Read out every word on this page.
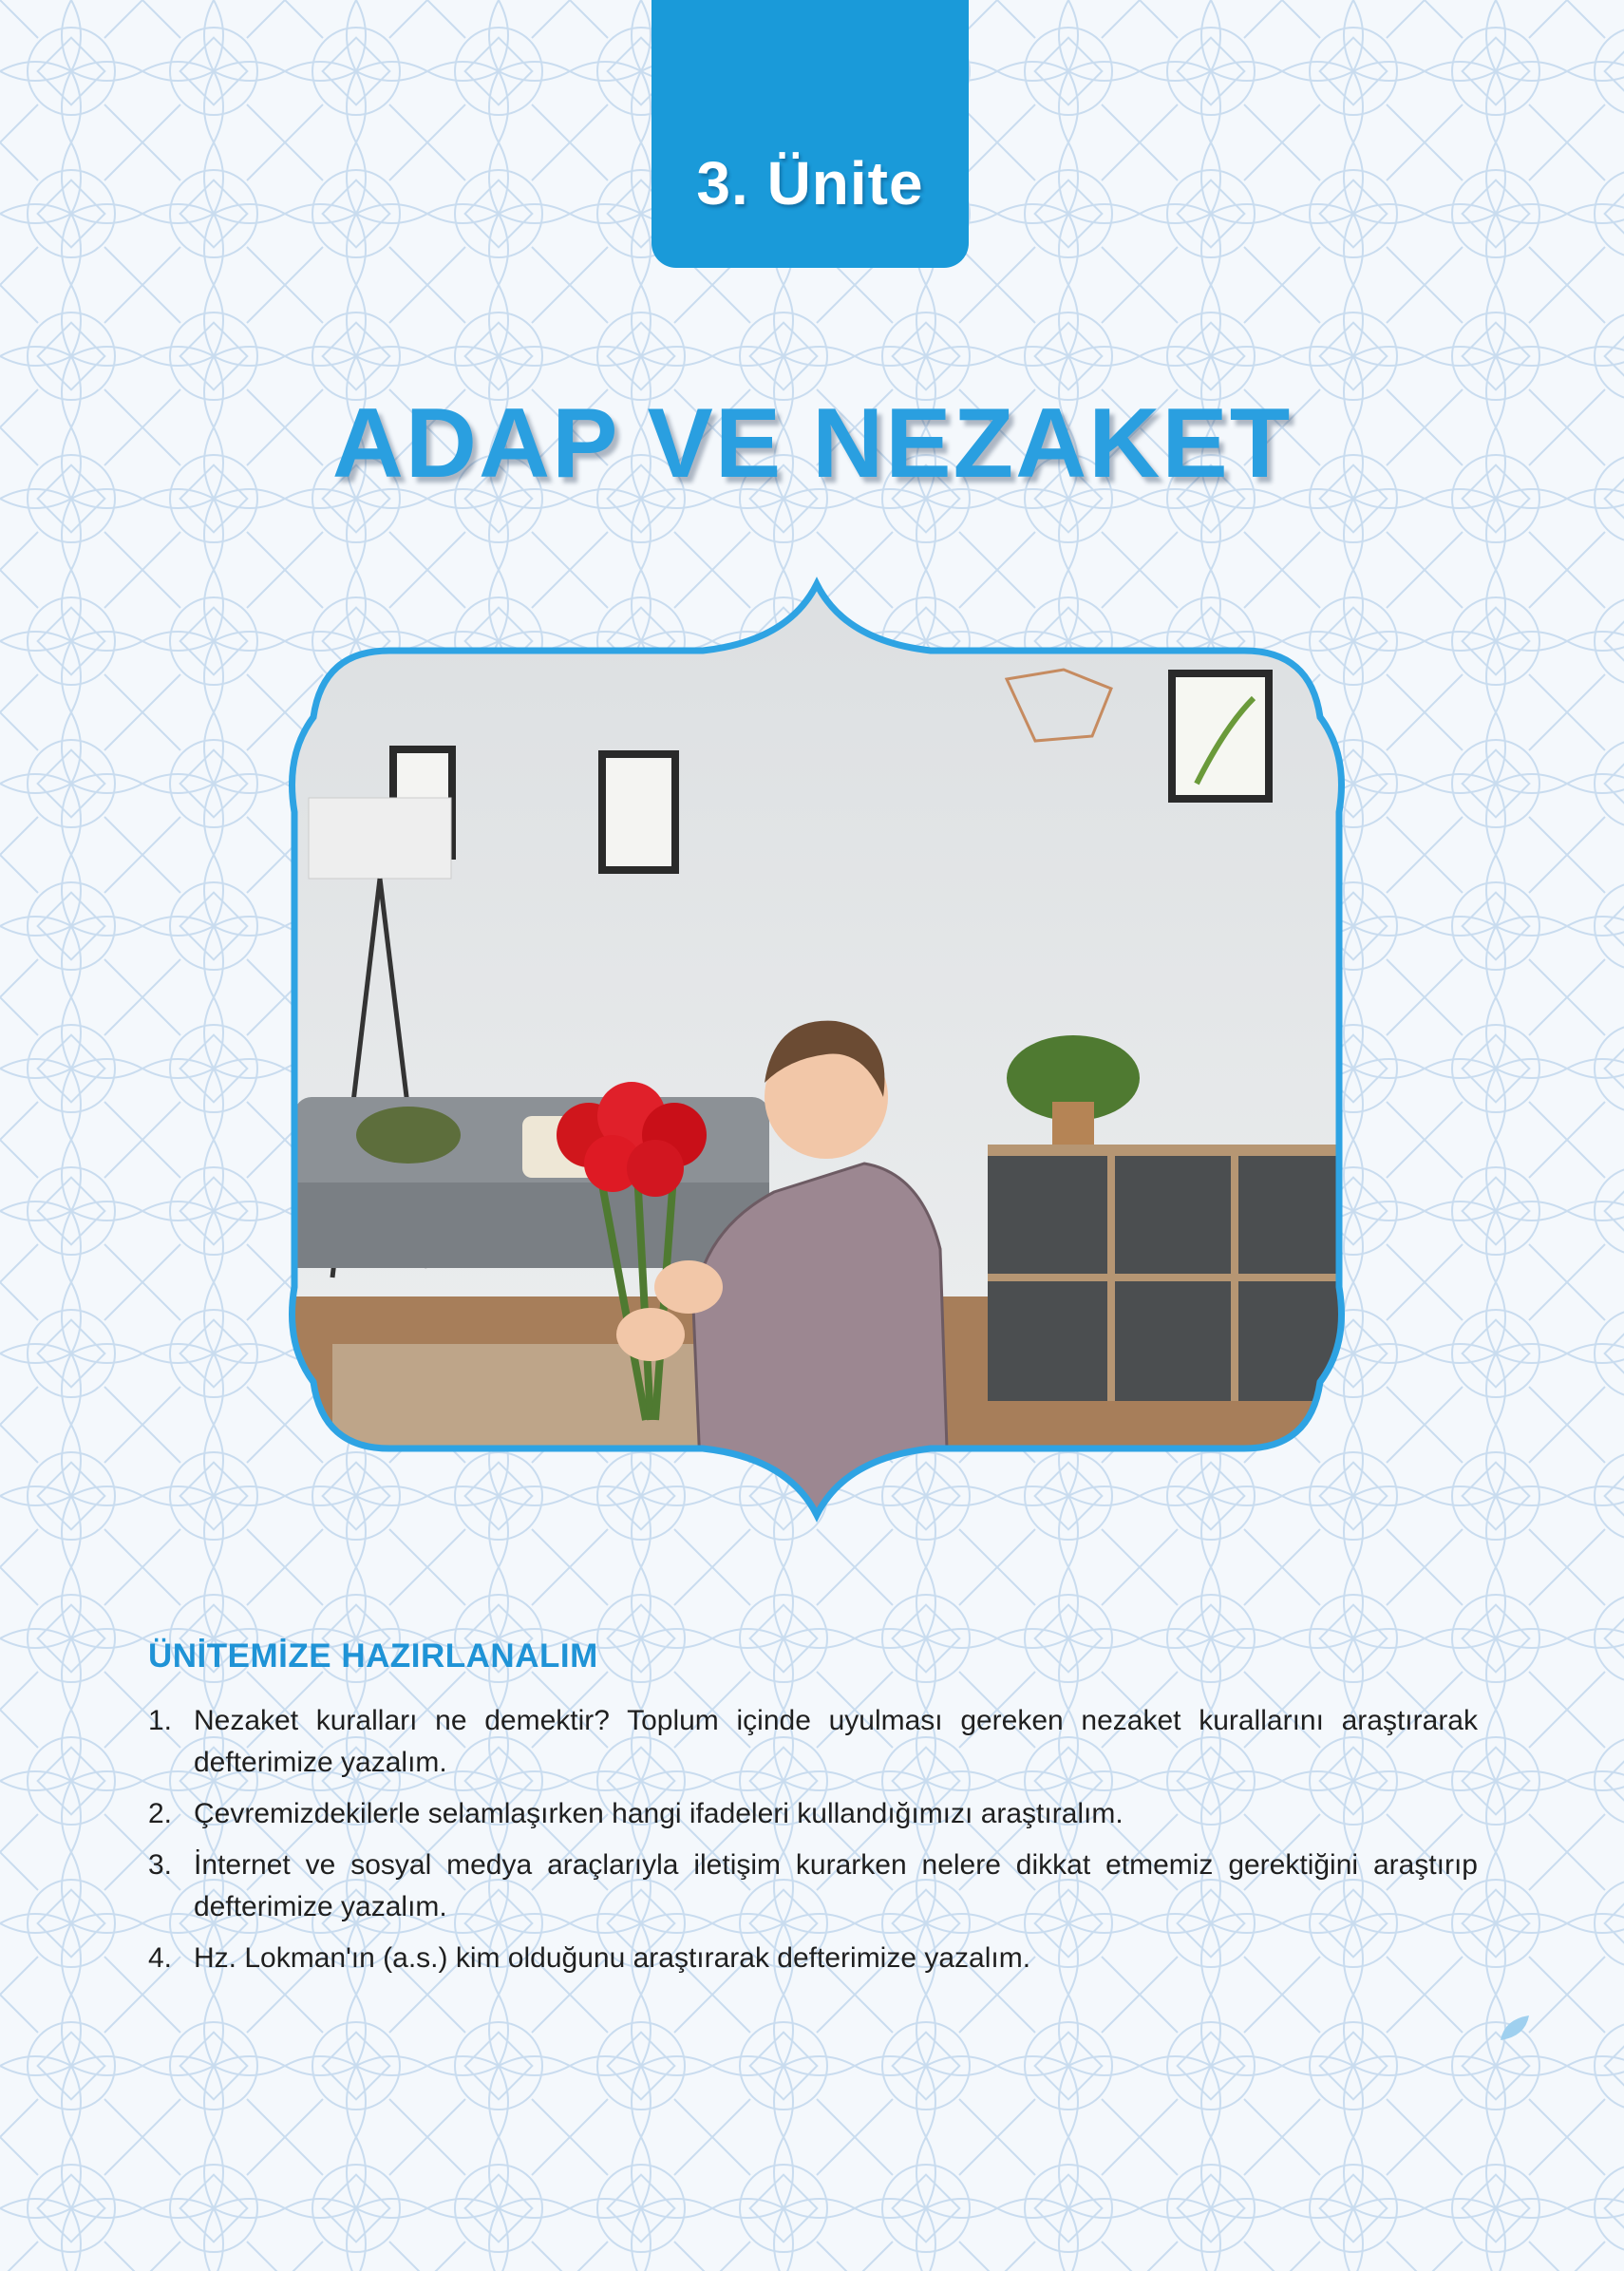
3. Ünite
ADAP VE NEZAKET
ÜNİTEMİZE HAZIRLANALIM
1. Nezaket kuralları ne demektir? Toplum içinde uyulması gereken nezaket kurallarını araştırarak defterimize yazalım.
2. Çevremizdekilerle selamlaşırken hangi ifadeleri kullandığımızı araştıralım.
3. İnternet ve sosyal medya araçlarıyla iletişim kurarken nelere dikkat etmemiz gerektiğini araştırıp defterimize yazalım.
4. Hz. Lokman'ın (a.s.) kim olduğunu araştırarak defterimize yazalım.
